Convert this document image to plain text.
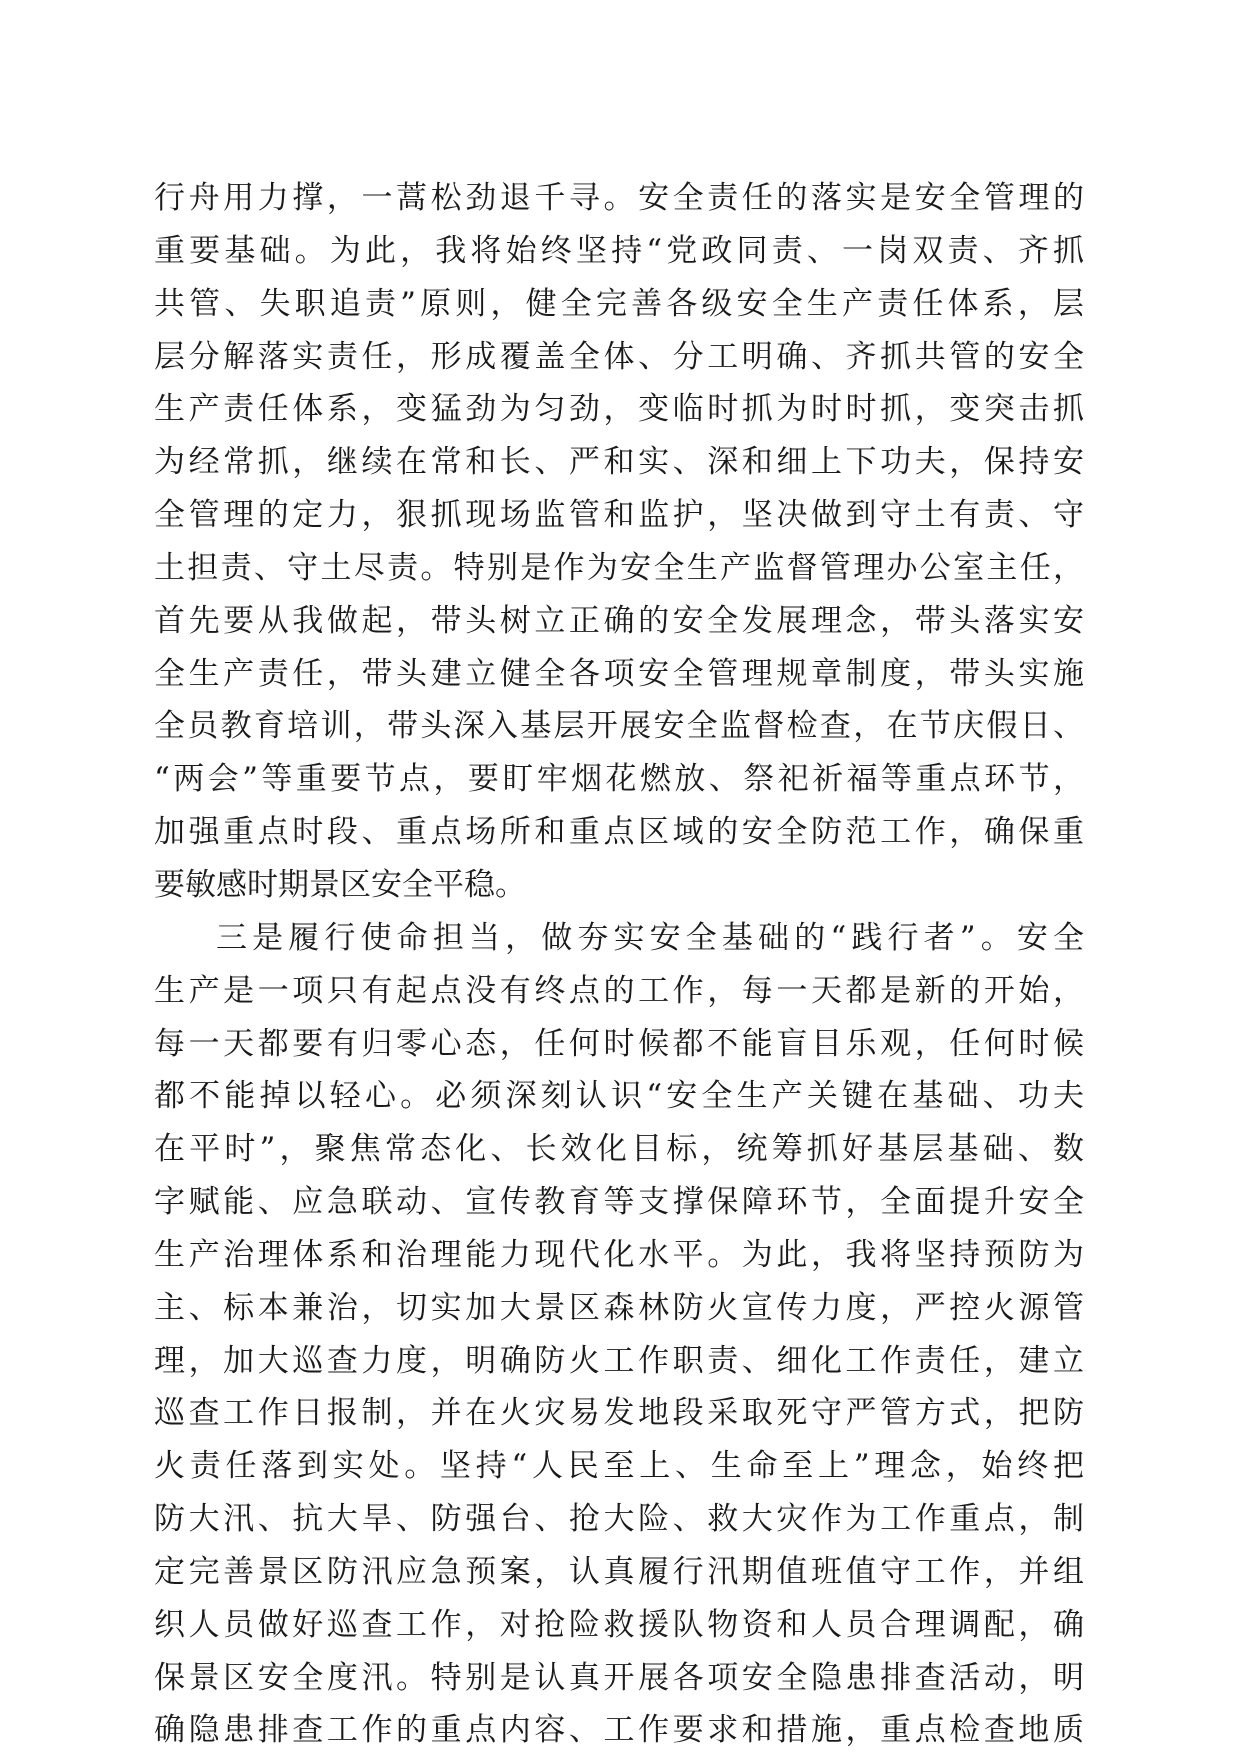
行舟用力撑，一蒿松劲退千寻。安全责任的落实是安全管理的
重要基础。为此，我将始终坚持“党政同责、一岗双责、齐抓
共管、失职追责”原则，健全完善各级安全生产责任体系，层
层分解落实责任，形成覆盖全体、分工明确、齐抓共管的安全
生产责任体系，变猛劲为匀劲，变临时抓为时时抓，变突击抓
为经常抓，继续在常和长、严和实、深和细上下功夫，保持安
全管理的定力，狠抓现场监管和监护，坚决做到守土有责、守
土担责、守土尽责。特别是作为安全生产监督管理办公室主任，
首先要从我做起，带头树立正确的安全发展理念，带头落实安
全生产责任，带头建立健全各项安全管理规章制度，带头实施
全员教育培训，带头深入基层开展安全监督检查，在节庆假日、
“两会”等重要节点，要盯牢烟花燃放、祭祀祈福等重点环节，
加强重点时段、重点场所和重点区域的安全防范工作，确保重
要敏感时期景区安全平稳。
三是履行使命担当，做夯实安全基础的“践行者”。安全
生产是一项只有起点没有终点的工作，每一天都是新的开始，
每一天都要有归零心态，任何时候都不能盲目乐观，任何时候
都不能掉以轻心。必须深刻认识“安全生产关键在基础、功夫
在平时”，聚焦常态化、长效化目标，统筹抓好基层基础、数
字赋能、应急联动、宣传教育等支撑保障环节，全面提升安全
生产治理体系和治理能力现代化水平。为此，我将坚持预防为
主、标本兼治，切实加大景区森林防火宣传力度，严控火源管
理，加大巡查力度，明确防火工作职责、细化工作责任，建立
巡查工作日报制，并在火灾易发地段采取死守严管方式，把防
火责任落到实处。坚持“人民至上、生命至上”理念，始终把
防大汛、抗大旱、防强台、抢大险、救大灾作为工作重点，制
定完善景区防汛应急预案，认真履行汛期值班值守工作，并组
织人员做好巡查工作，对抢险救援队物资和人员合理调配，确
保景区安全度汛。特别是认真开展各项安全隐患排查活动，明
确隐患排查工作的重点内容、工作要求和措施，重点检查地质
